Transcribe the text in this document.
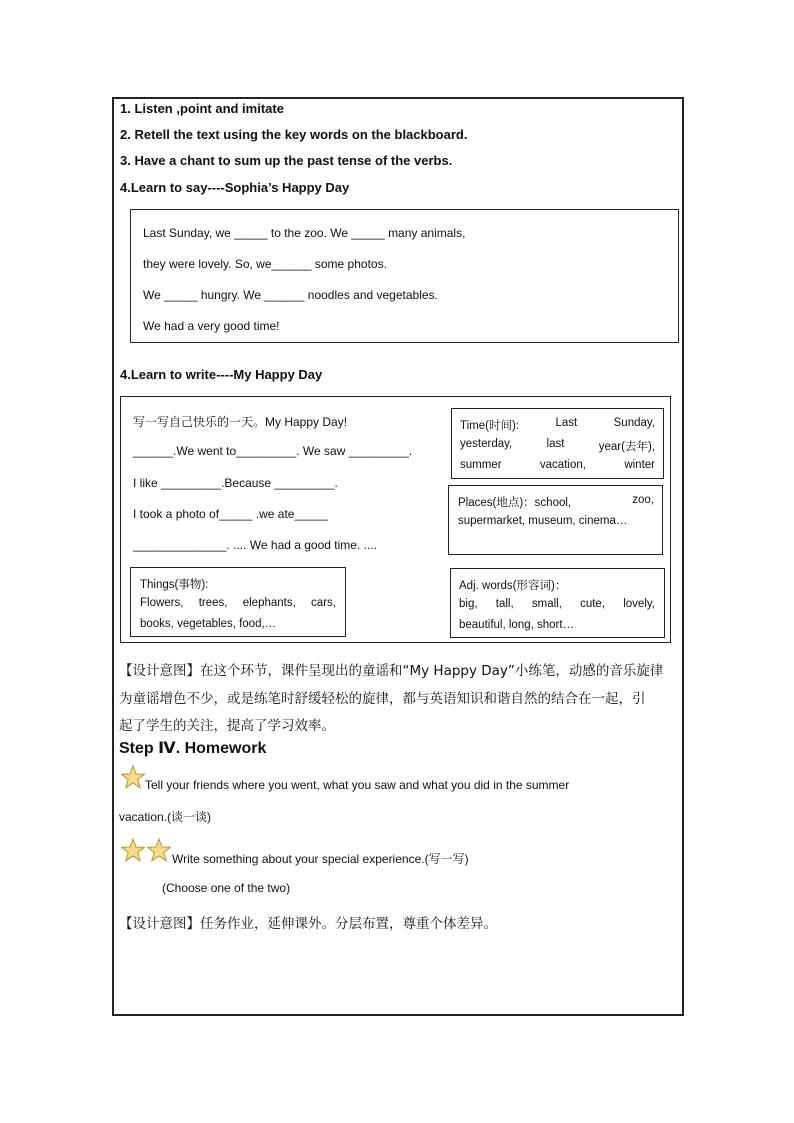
1. Listen ,point and imitate
2. Retell the text using the key words on the blackboard.
3. Have a chant to sum up the past tense of the verbs.
4.Learn to say----Sophia’s Happy Day
Last Sunday, we _____ to the zoo. We _____ many animals,
they were lovely. So, we______ some photos.
We _____ hungry. We ______ noodles and vegetables.
We had a very good time!
4.Learn to write----My Happy Day
写一写自己快乐的一天。My Happy Day!
______.We went to_________. We saw _________.
I like _________.Because _________.
I took a photo of_____ .we ate_____
______________. .... We had a good time. ....
Time(时间):	Last	Sunday,
yesterday,	last	year(去年),
summer	vacation,	winter
Places(地点)：school,	zoo,
supermarket, museum, cinema…
Things(事物):
Flowers, trees, elephants, cars,
books, vegetables, food,…
Adj. words(形容词)：
big, tall, small, cute, lovely,
beautiful, long, short…
【设计意图】在这个环节，课件呈现出的童谣和“My Happy Day”小练笔，动感的音乐旋律
为童谣增色不少，或是练笔时舒缓轻松的旋律，都与英语知识和谐自然的结合在一起，引
起了学生的关注，提高了学习效率。
Step Ⅳ. Homework
Tell your friends where you went, what you saw and what you did in the summer
vacation.(谈一谈)
Write something about your special experience.(写一写)
(Choose one of the two)
【设计意图】任务作业，延伸课外。分层布置，尊重个体差异。
